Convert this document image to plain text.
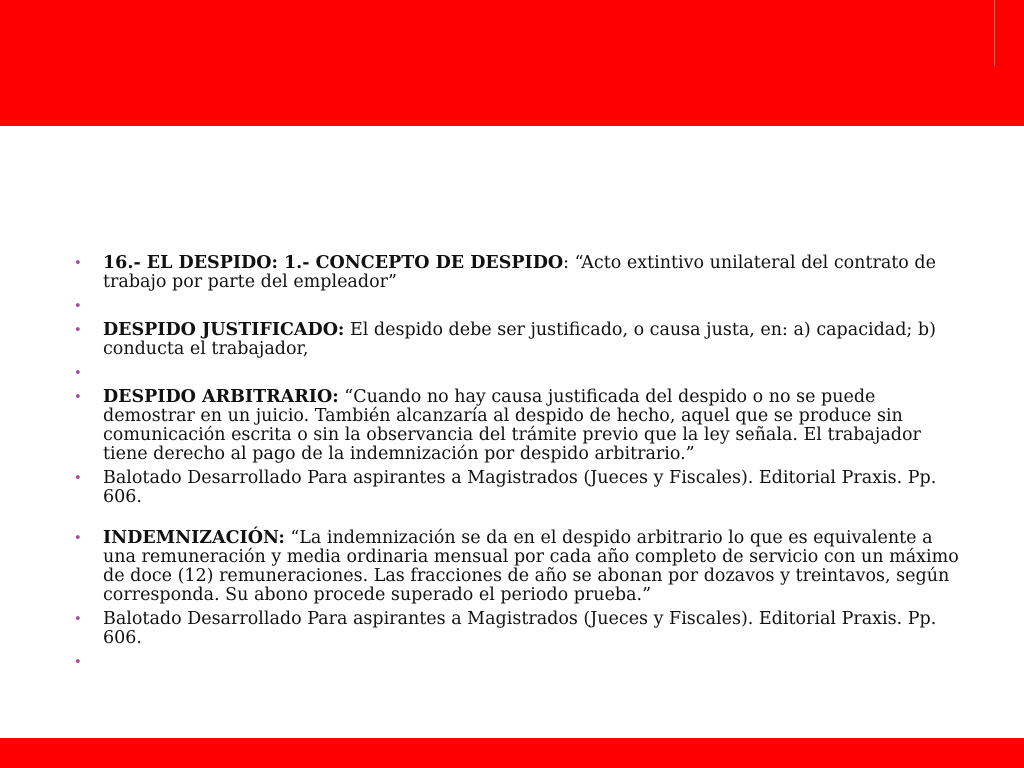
• 16.- EL DESPIDO: 1.- CONCEPTO DE DESPIDO: “Acto extintivo unilateral del contrato de trabajo por parte del empleador”
•
• DESPIDO JUSTIFICADO: El despido debe ser justificado, o causa justa, en: a) capacidad; b) conducta el trabajador,
•
• DESPIDO ARBITRARIO: “Cuando no hay causa justificada del despido o no se puede demostrar en un juicio. También alcanzaría al despido de hecho, aquel que se produce sin comunicación escrita o sin la observancia del trámite previo que la ley señala. El trabajador tiene derecho al pago de la indemnización por despido arbitrario.”
• Balotado Desarrollado Para aspirantes a Magistrados (Jueces y Fiscales). Editorial Praxis. Pp. 606.
• INDEMNIZACIÓN: “La indemnización se da en el despido arbitrario lo que es equivalente a una remuneración y media ordinaria mensual por cada año completo de servicio con un máximo de doce (12) remuneraciones. Las fracciones de año se abonan por dozavos y treintavos, según corresponda. Su abono procede superado el periodo prueba.”
• Balotado Desarrollado Para aspirantes a Magistrados (Jueces y Fiscales). Editorial Praxis. Pp. 606.
•
